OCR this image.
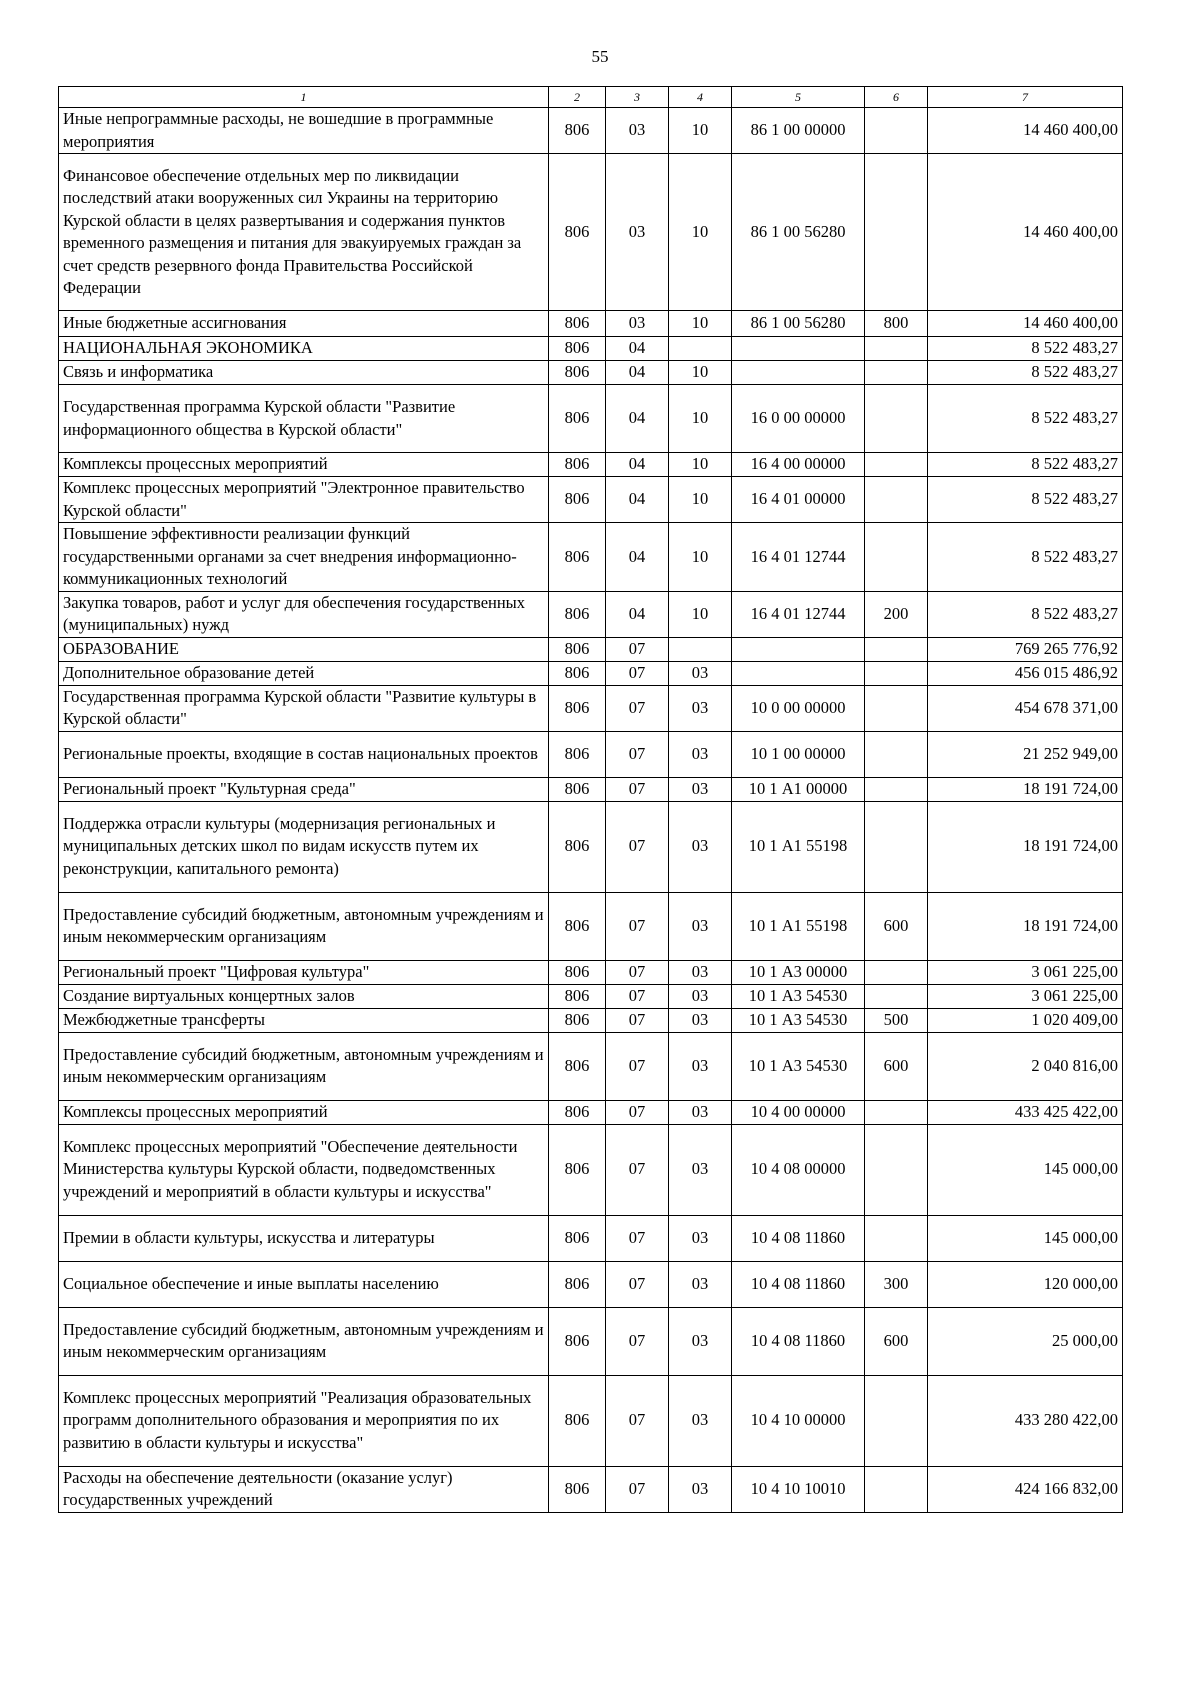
55
1	2	3	4	5	6	7
Иные непрограммные расходы, не вошедшие в программные мероприятия	806	03	10	86 1 00 00000		14 460 400,00
Финансовое обеспечение отдельных мер по ликвидации последствий атаки вооруженных сил Украины на территорию Курской области в целях развертывания и содержания пунктов временного размещения и питания для эвакуируемых граждан за счет средств резервного фонда Правительства Российской Федерации	806	03	10	86 1 00 56280		14 460 400,00
Иные бюджетные ассигнования	806	03	10	86 1 00 56280	800	14 460 400,00
НАЦИОНАЛЬНАЯ ЭКОНОМИКА	806	04				8 522 483,27
Связь и информатика	806	04	10			8 522 483,27
Государственная программа Курской области "Развитие информационного общества в Курской области"	806	04	10	16 0 00 00000		8 522 483,27
Комплексы процессных мероприятий	806	04	10	16 4 00 00000		8 522 483,27
Комплекс процессных мероприятий "Электронное правительство Курской области"	806	04	10	16 4 01 00000		8 522 483,27
Повышение эффективности реализации функций государственными органами за счет внедрения информационно-коммуникационных технологий	806	04	10	16 4 01 12744		8 522 483,27
Закупка товаров, работ и услуг для обеспечения государственных (муниципальных) нужд	806	04	10	16 4 01 12744	200	8 522 483,27
ОБРАЗОВАНИЕ	806	07				769 265 776,92
Дополнительное образование детей	806	07	03			456 015 486,92
Государственная программа Курской области "Развитие культуры в Курской области"	806	07	03	10 0 00 00000		454 678 371,00
Региональные проекты, входящие в состав национальных проектов	806	07	03	10 1 00 00000		21 252 949,00
Региональный проект "Культурная среда"	806	07	03	10 1 А1 00000		18 191 724,00
Поддержка отрасли культуры (модернизация региональных и муниципальных детских школ по видам искусств путем их реконструкции, капитального ремонта)	806	07	03	10 1 А1 55198		18 191 724,00
Предоставление субсидий бюджетным, автономным учреждениям и иным некоммерческим организациям	806	07	03	10 1 А1 55198	600	18 191 724,00
Региональный проект "Цифровая культура"	806	07	03	10 1 А3 00000		3 061 225,00
Создание виртуальных концертных залов	806	07	03	10 1 А3 54530		3 061 225,00
Межбюджетные трансферты	806	07	03	10 1 А3 54530	500	1 020 409,00
Предоставление субсидий бюджетным, автономным учреждениям и иным некоммерческим организациям	806	07	03	10 1 А3 54530	600	2 040 816,00
Комплексы процессных мероприятий	806	07	03	10 4 00 00000		433 425 422,00
Комплекс процессных мероприятий "Обеспечение деятельности Министерства культуры Курской области, подведомственных учреждений и мероприятий в области культуры и искусства"	806	07	03	10 4 08 00000		145 000,00
Премии в области культуры, искусства и литературы	806	07	03	10 4 08 11860		145 000,00
Социальное обеспечение и иные выплаты населению	806	07	03	10 4 08 11860	300	120 000,00
Предоставление субсидий бюджетным, автономным учреждениям и иным некоммерческим организациям	806	07	03	10 4 08 11860	600	25 000,00
Комплекс процессных мероприятий "Реализация образовательных программ дополнительного образования и мероприятия по их развитию в области культуры и искусства"	806	07	03	10 4 10 00000		433 280 422,00
Расходы на обеспечение деятельности (оказание услуг) государственных учреждений	806	07	03	10 4 10 10010		424 166 832,00
